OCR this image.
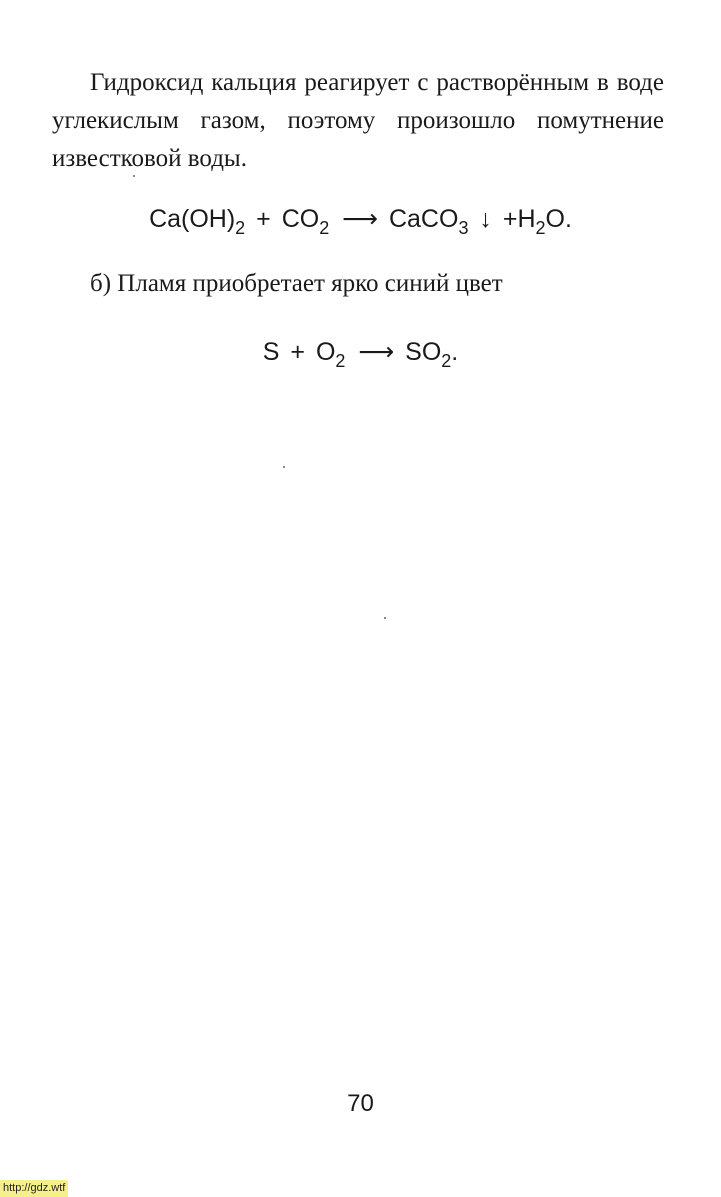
Гидроксид кальция реагирует с растворённым в воде углекислым газом, поэтому произошло помутнение известковой воды.

$Ca(OH)_2 + CO_2$ ⟶ CaCO$_3$ ↓ $+H_2O$.
б) Пламя приобретает ярко синий цвет
$S + O_2$ ⟶ $SO_2$.
70
http://gdz.wtf
